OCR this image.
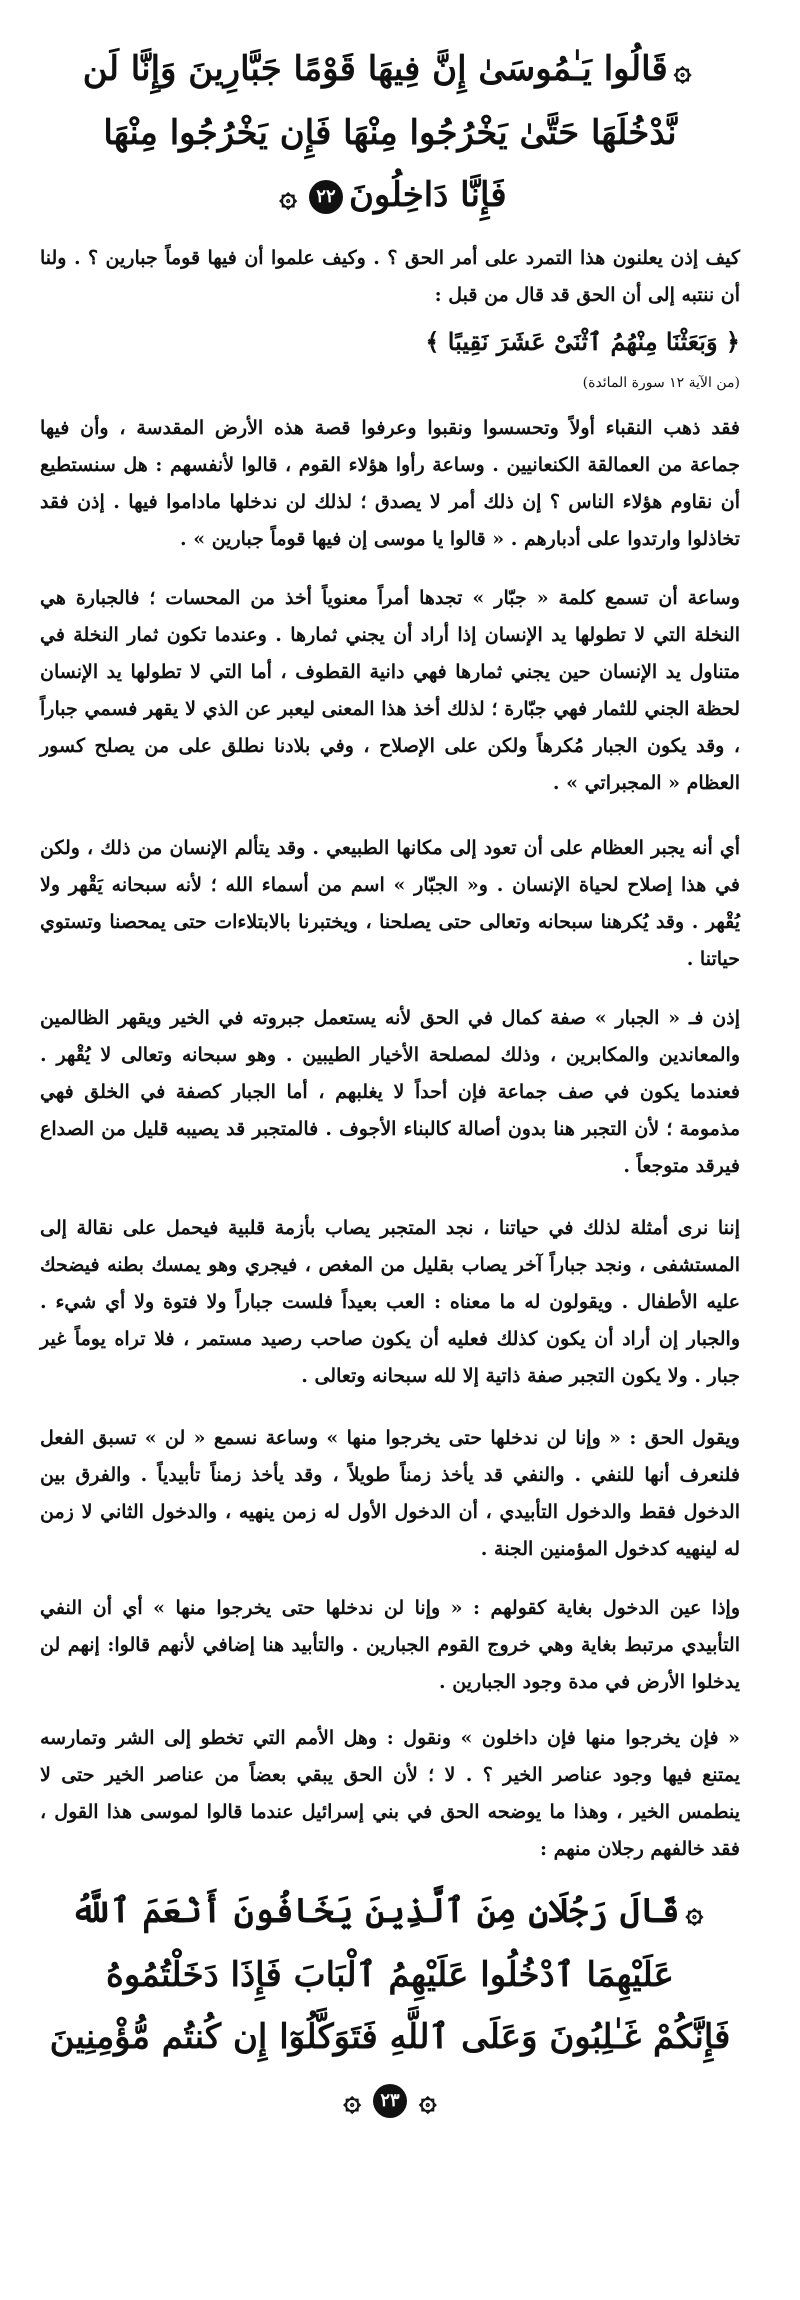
۞قَالُوا يَـٰمُوسَىٰ إِنَّ فِيهَا قَوْمًا جَبَّارِينَ وَإِنَّا لَن
نَّدْخُلَهَا حَتَّىٰ يَخْرُجُوا مِنْهَا فَإِن يَخْرُجُوا مِنْهَا
فَإِنَّا دَاخِلُونَ٢٢۞

كيف إذن يعلنون هذا التمرد على أمر الحق ؟ . وكيف علموا أن فيها قوماً جبارين ؟ . ولنا أن ننتبه إلى أن الحق قد قال من قبل :

﴿ وَبَعَثْنَا مِنْهُمُ ٱثْنَىْ عَشَرَ نَقِيبًا ﴾
(من الآية ١٢ سورة المائدة)

فقد ذهب النقباء أولاً وتحسسوا ونقبوا وعرفوا قصة هذه الأرض المقدسة ، وأن فيها جماعة من العمالقة الكنعانيين . وساعة رأوا هؤلاء القوم ، قالوا لأنفسهم : هل سنستطيع أن نقاوم هؤلاء الناس ؟ إن ذلك أمر لا يصدق ؛ لذلك لن ندخلها ماداموا فيها . إذن فقد تخاذلوا وارتدوا على أدبارهم . « قالوا يا موسى إن فيها قوماً جبارين » .

وساعة أن تسمع كلمة « جبّار » تجدها أمراً معنوياً أخذ من المحسات ؛ فالجبارة هي النخلة التي لا تطولها يد الإنسان إذا أراد أن يجني ثمارها . وعندما تكون ثمار النخلة في متناول يد الإنسان حين يجني ثمارها فهي دانية القطوف ، أما التي لا تطولها يد الإنسان لحظة الجني للثمار فهي جبّارة ؛ لذلك أخذ هذا المعنى ليعبر عن الذي لا يقهر فسمي جباراً ، وقد يكون الجبار مُكرهاً ولكن على الإصلاح ، وفي بلادنا نطلق على من يصلح كسور العظام « المجبراتي » .

أي أنه يجبر العظام على أن تعود إلى مكانها الطبيعي . وقد يتألم الإنسان من ذلك ، ولكن في هذا إصلاح لحياة الإنسان . و« الجبّار » اسم من أسماء الله ؛ لأنه سبحانه يَقْهر ولا يُقْهر . وقد يُكرهنا سبحانه وتعالى حتى يصلحنا ، ويختبرنا بالابتلاءات حتى يمحصنا وتستوي حياتنا .

إذن فـ « الجبار » صفة كمال في الحق لأنه يستعمل جبروته في الخير ويقهر الظالمين والمعاندين والمكابرين ، وذلك لمصلحة الأخيار الطيبين . وهو سبحانه وتعالى لا يُقْهر . فعندما يكون في صف جماعة فإن أحداً لا يغلبهم ، أما الجبار كصفة في الخلق فهي مذمومة ؛ لأن التجبر هنا بدون أصالة كالبناء الأجوف . فالمتجبر قد يصيبه قليل من الصداع فيرقد متوجعاً .

إننا نرى أمثلة لذلك في حياتنا ، نجد المتجبر يصاب بأزمة قلبية فيحمل على نقالة إلى المستشفى ، ونجد جباراً آخر يصاب بقليل من المغص ، فيجري وهو يمسك بطنه فيضحك عليه الأطفال . ويقولون له ما معناه : العب بعيداً فلست جباراً ولا فتوة ولا أي شيء . والجبار إن أراد أن يكون كذلك فعليه أن يكون صاحب رصيد مستمر ، فلا تراه يوماً غير جبار . ولا يكون التجبر صفة ذاتية إلا لله سبحانه وتعالى .

ويقول الحق : « وإنا لن ندخلها حتى يخرجوا منها » وساعة نسمع « لن » تسبق الفعل فلنعرف أنها للنفي . والنفي قد يأخذ زمناً طويلاً ، وقد يأخذ زمناً تأبيدياً . والفرق بين الدخول فقط والدخول التأبيدي ، أن الدخول الأول له زمن ينهيه ، والدخول الثاني لا زمن له لينهيه كدخول المؤمنين الجنة .

وإذا عين الدخول بغاية كقولهم : « وإنا لن ندخلها حتى يخرجوا منها » أي أن النفي التأبيدي مرتبط بغاية وهي خروج القوم الجبارين . والتأبيد هنا إضافي لأنهم قالوا: إنهم لن يدخلوا الأرض في مدة وجود الجبارين .

« فإن يخرجوا منها فإن داخلون » ونقول : وهل الأمم التي تخطو إلى الشر وتمارسه يمتنع فيها وجود عناصر الخير ؟ . لا ؛ لأن الحق يبقي بعضاً من عناصر الخير حتى لا ينطمس الخير ، وهذا ما يوضحه الحق في بني إسرائيل عندما قالوا لموسى هذا القول ، فقد خالفهم رجلان منهم :

۞قَالَ رَجُلَانِ مِنَ ٱلَّذِينَ يَخَافُونَ أَنْعَمَ ٱللَّهُ
عَلَيْهِمَا ٱدْخُلُوا عَلَيْهِمُ ٱلْبَابَ فَإِذَا دَخَلْتُمُوهُ
فَإِنَّكُمْ غَـٰلِبُونَ وَعَلَى ٱللَّهِ فَتَوَكَّلُوٓا إِن كُنتُم مُّؤْمِنِينَ
۞٢٣۞
